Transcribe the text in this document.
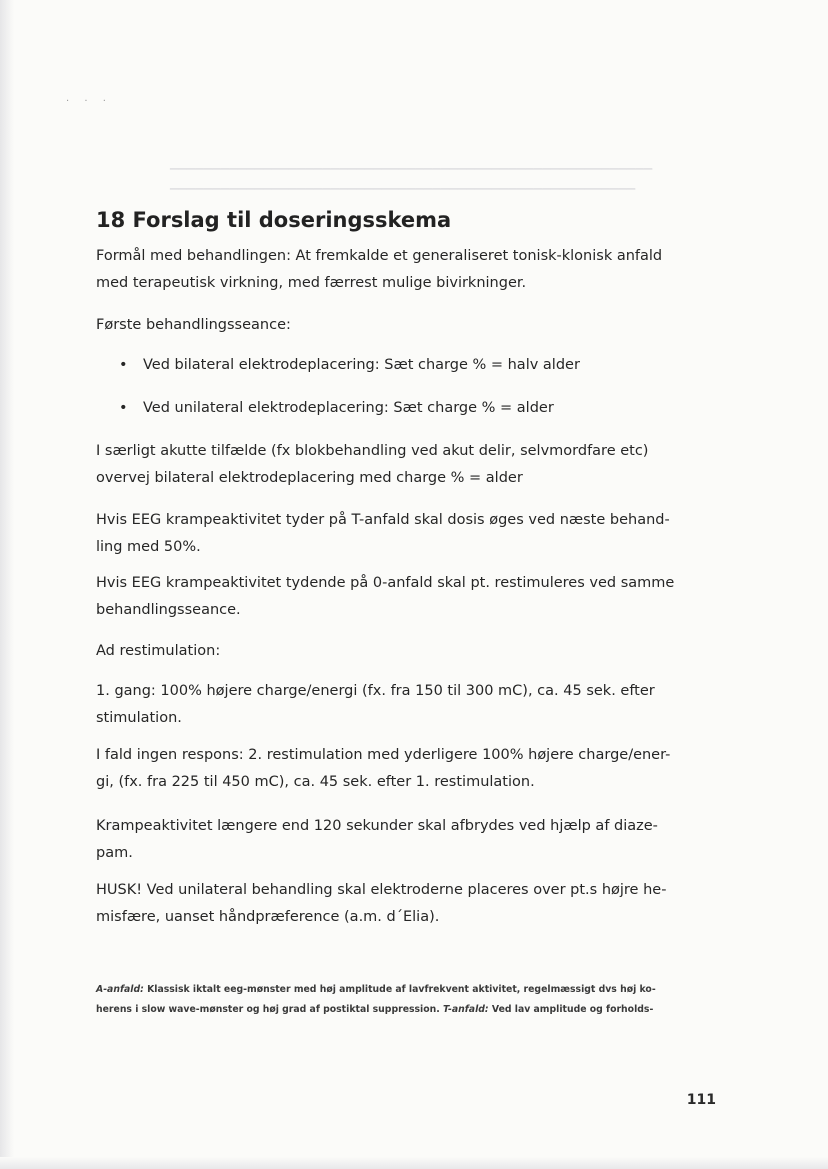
▁▁▁▁▁▁▁▁▁▁▁▁▁▁▁▁▁▁▁▁▁▁▁▁▁▁▁▁▁▁▁▁▁▁▁▁▁▁▁▁▁▁▁▁▁▁▁▁▁▁▁▁▁▁▁▁▁
▁▁▁▁▁▁▁▁▁▁▁▁▁▁▁▁▁▁▁▁▁▁▁▁▁▁▁▁▁▁▁▁▁▁▁▁▁▁▁▁▁▁▁▁▁▁▁▁▁▁▁▁▁▁▁
· · ·
18 Forslag til doseringsskema

Formål med behandlingen: At fremkalde et generaliseret tonisk-klonisk anfald
med terapeutisk virkning, med færrest mulige bivirkninger.

Første behandlingsseance:

• Ved bilateral elektrodeplacering: Sæt charge % = halv alder

• Ved unilateral elektrodeplacering: Sæt charge % = alder

I særligt akutte tilfælde (fx blokbehandling ved akut delir, selvmordfare etc)
overvej bilateral elektrodeplacering med charge % = alder

Hvis EEG krampeaktivitet tyder på T-anfald skal dosis øges ved næste behand-
ling med 50%.

Hvis EEG krampeaktivitet tydende på 0-anfald skal pt. restimuleres ved samme
behandlingsseance.

Ad restimulation:

1. gang: 100% højere charge/energi (fx. fra 150 til 300 mC), ca. 45 sek. efter
stimulation.

I fald ingen respons: 2. restimulation med yderligere 100% højere charge/ener-
gi, (fx. fra 225 til 450 mC), ca. 45 sek. efter 1. restimulation.

Krampeaktivitet længere end 120 sekunder skal afbrydes ved hjælp af diaze-
pam.

HUSK! Ved unilateral behandling skal elektroderne placeres over pt.s højre he-
misfære, uanset håndpræference (a.m. d´Elia).

A-anfald: Klassisk iktalt eeg-mønster med høj amplitude af lavfrekvent aktivitet, regelmæssigt dvs høj ko-
herens i slow wave-mønster og høj grad af postiktal suppression. T-anfald: Ved lav amplitude og forholds-

111
